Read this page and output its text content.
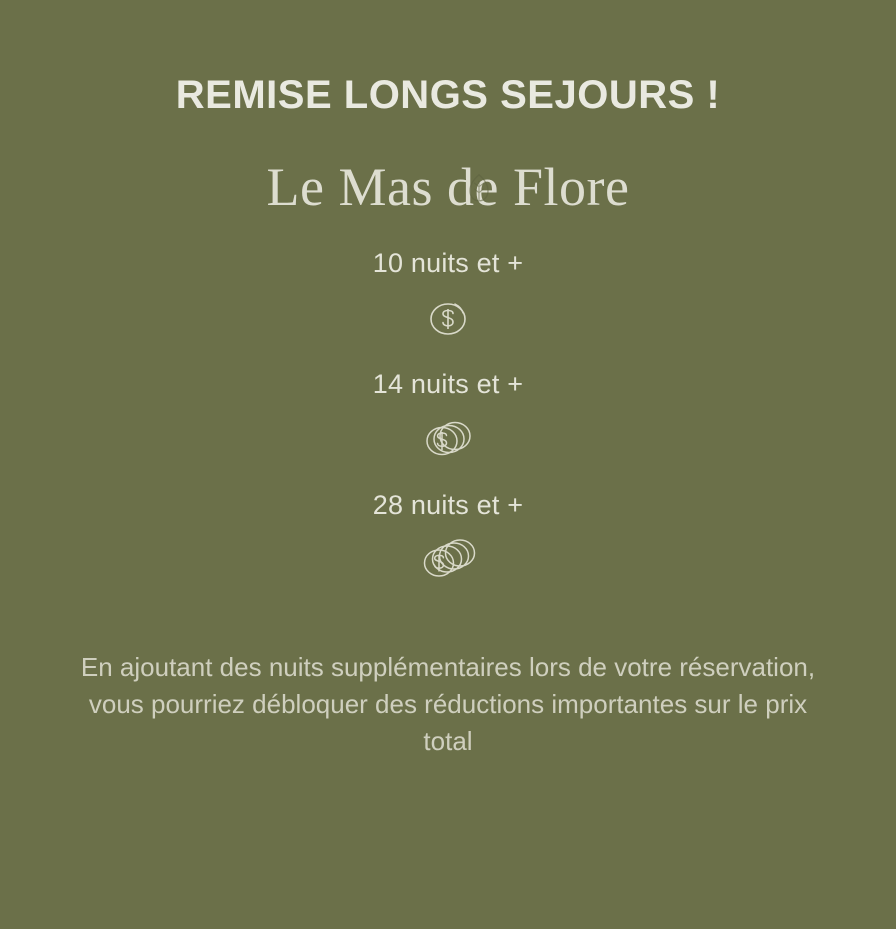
REMISE LONGS SEJOURS !
Le Mas de Flore
10 nuits et +
14 nuits et +
28 nuits et +

En ajoutant des nuits supplémentaires lors de votre réservation, vous pourriez débloquer des réductions importantes sur le prix total
